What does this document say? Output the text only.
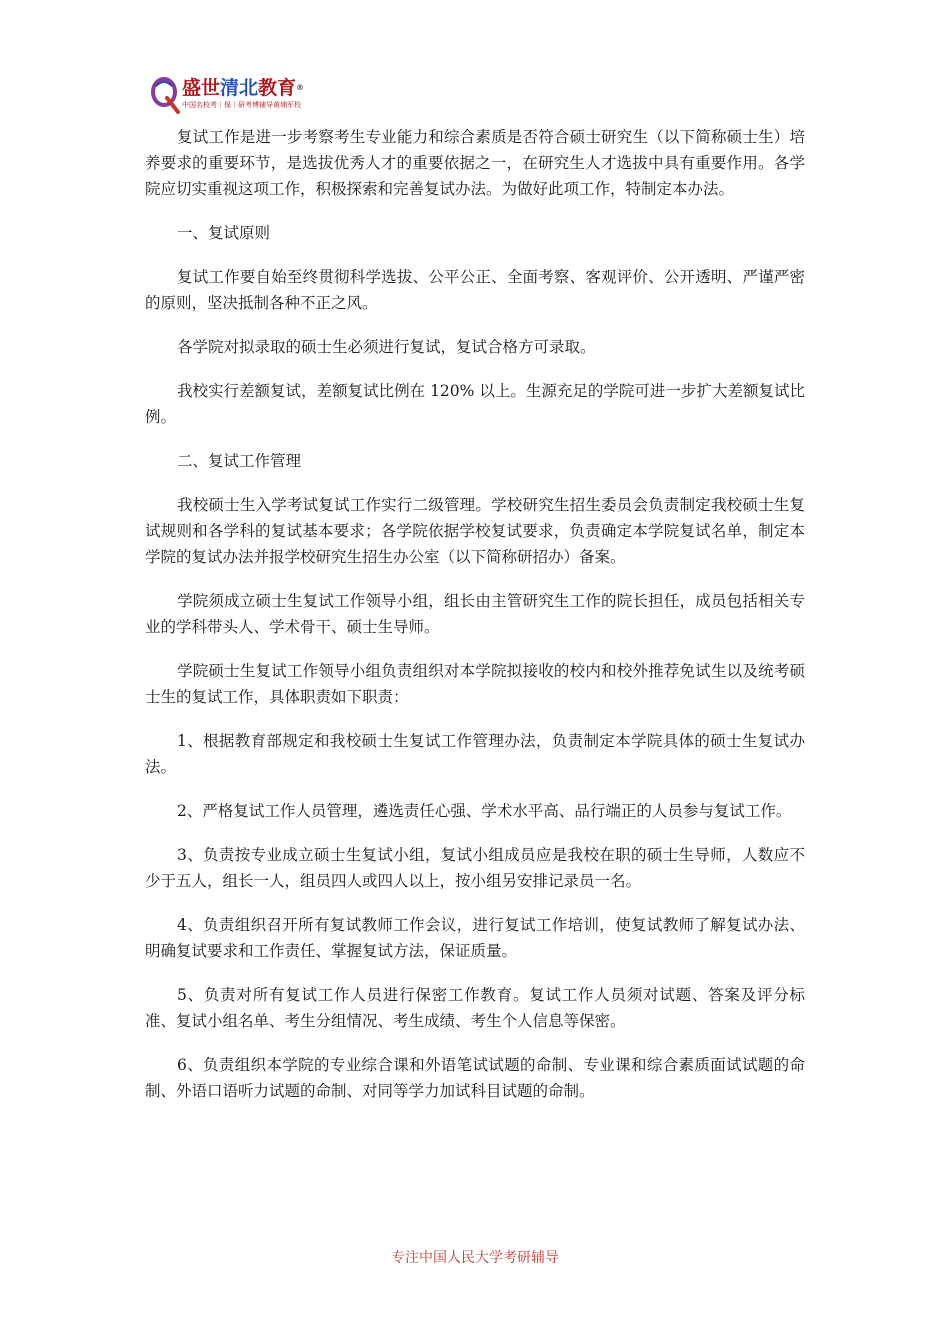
盛世清北教育®
中国名校考｜保｜研考博辅导黄埔军校

复试工作是进一步考察考生专业能力和综合素质是否符合硕士研究生（以下简称硕士生）培养要求的重要环节，是选拔优秀人才的重要依据之一，在研究生人才选拔中具有重要作用。各学院应切实重视这项工作，积极探索和完善复试办法。为做好此项工作，特制定本办法。

一、复试原则

复试工作要自始至终贯彻科学选拔、公平公正、全面考察、客观评价、公开透明、严谨严密的原则，坚决抵制各种不正之风。

各学院对拟录取的硕士生必须进行复试，复试合格方可录取。

我校实行差额复试，差额复试比例在 120% 以上。生源充足的学院可进一步扩大差额复试比例。

二、复试工作管理

我校硕士生入学考试复试工作实行二级管理。学校研究生招生委员会负责制定我校硕士生复试规则和各学科的复试基本要求；各学院依据学校复试要求，负责确定本学院复试名单，制定本学院的复试办法并报学校研究生招生办公室（以下简称研招办）备案。

学院须成立硕士生复试工作领导小组，组长由主管研究生工作的院长担任，成员包括相关专业的学科带头人、学术骨干、硕士生导师。

学院硕士生复试工作领导小组负责组织对本学院拟接收的校内和校外推荐免试生以及统考硕士生的复试工作，具体职责如下职责：

1、根据教育部规定和我校硕士生复试工作管理办法，负责制定本学院具体的硕士生复试办法。

2、严格复试工作人员管理，遴选责任心强、学术水平高、品行端正的人员参与复试工作。

3、负责按专业成立硕士生复试小组，复试小组成员应是我校在职的硕士生导师，人数应不少于五人，组长一人，组员四人或四人以上，按小组另安排记录员一名。

4、负责组织召开所有复试教师工作会议，进行复试工作培训，使复试教师了解复试办法、明确复试要求和工作责任、掌握复试方法，保证质量。

5、负责对所有复试工作人员进行保密工作教育。复试工作人员须对试题、答案及评分标准、复试小组名单、考生分组情况、考生成绩、考生个人信息等保密。

6、负责组织本学院的专业综合课和外语笔试试题的命制、专业课和综合素质面试试题的命制、外语口语听力试题的命制、对同等学力加试科目试题的命制。

专注中国人民大学考研辅导
